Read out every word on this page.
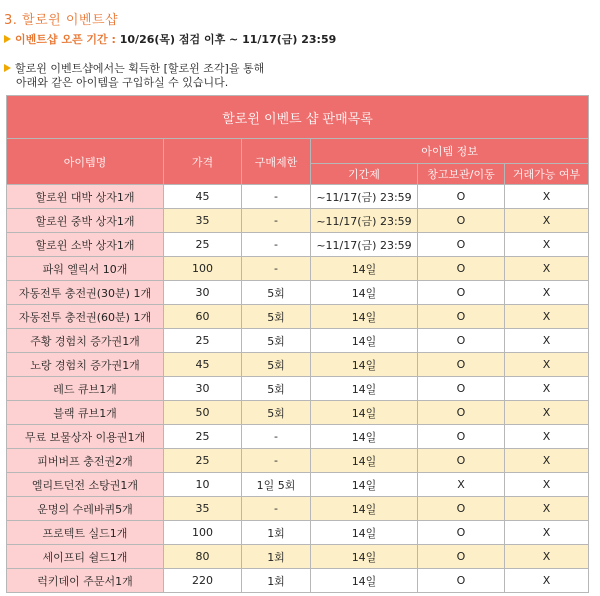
3. 할로윈 이벤트샵
이벤트샵 오픈 기간 : 10/26(목) 점검 이후 ~ 11/17(금) 23:59
할로윈 이벤트샵에서는 획득한 [할로윈 조각]을 통해
아래와 같은 아이템을 구입하실 수 있습니다.
할로윈 이벤트 샵 판매목록					
아이템명	가격	구매제한	아이템 정보		
			기간제	창고보관/이동	거래가능 여부
할로윈 대박 상자1개	45	-	~11/17(금) 23:59	O	X
할로윈 중박 상자1개	35	-	~11/17(금) 23:59	O	X
할로윈 소박 상자1개	25	-	~11/17(금) 23:59	O	X
파워 엘릭서 10개	100	-	14일	O	X
자동전투 충전권(30분) 1개	30	5회	14일	O	X
자동전투 충전권(60분) 1개	60	5회	14일	O	X
주황 경험치 증가권1개	25	5회	14일	O	X
노랑 경험치 증가권1개	45	5회	14일	O	X
레드 큐브1개	30	5회	14일	O	X
블랙 큐브1개	50	5회	14일	O	X
무료 보물상자 이용권1개	25	-	14일	O	X
피버버프 충전권2개	25	-	14일	O	X
엘리트던전 소탕권1개	10	1일 5회	14일	X	X
운명의 수레바퀴5개	35	-	14일	O	X
프로텍트 실드1개	100	1회	14일	O	X
세이프티 쉴드1개	80	1회	14일	O	X
럭키데이 주문서1개	220	1회	14일	O	X
